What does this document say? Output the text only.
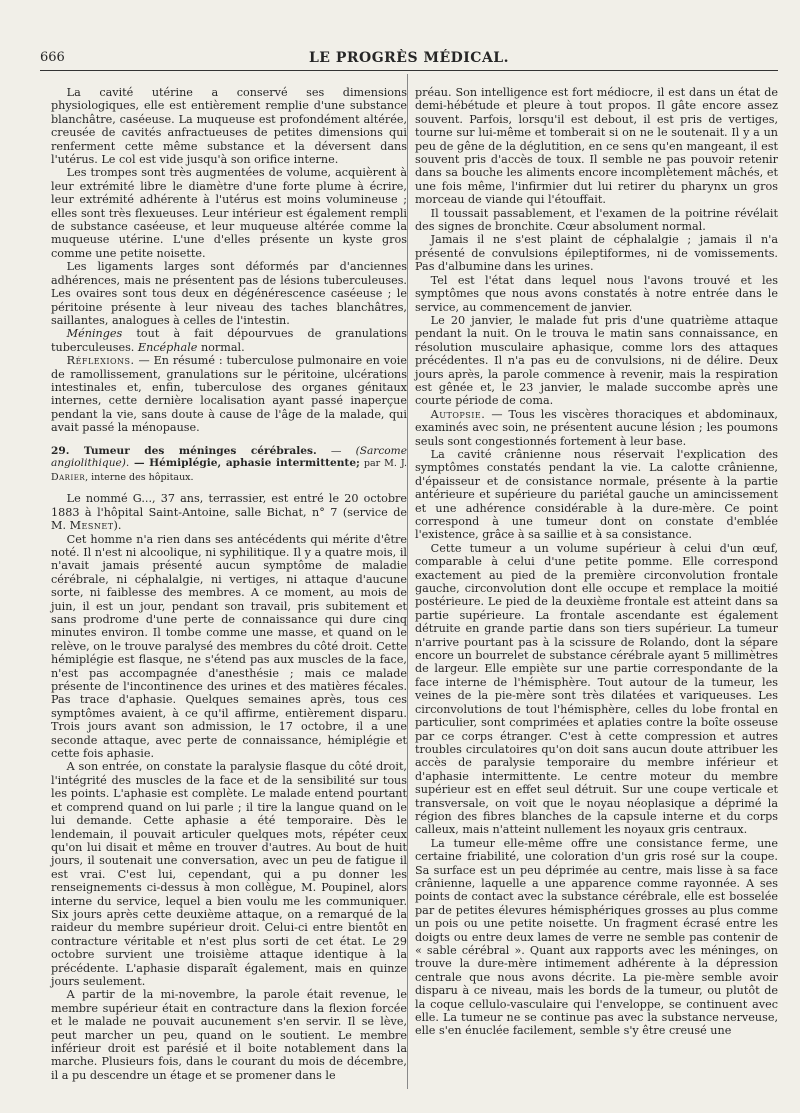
666	LE PROGRÈS MÉDICAL.

La cavité utérine a conservé ses dimensions physiologiques, elle est entièrement remplie d'une substance blanchâtre, caséeuse. La muqueuse est profondément altérée, creusée de cavités anfractueuses de petites dimensions qui renferment cette même substance et la déversent dans l'utérus. Le col est vide jusqu'à son orifice interne.

Les trompes sont très augmentées de volume, acquièrent à leur extrémité libre le diamètre d'une forte plume à écrire, leur extrémité adhérente à l'utérus est moins volumineuse ; elles sont très flexueuses. Leur intérieur est également rempli de substance caséeuse, et leur muqueuse altérée comme la muqueuse utérine. L'une d'elles présente un kyste gros comme une petite noisette.

Les ligaments larges sont déformés par d'anciennes adhérences, mais ne présentent pas de lésions tuberculeuses. Les ovaires sont tous deux en dégénérescence caséeuse ; le péritoine présente à leur niveau des taches blanchâtres, saillantes, analogues à celles de l'intestin.

Méninges tout à fait dépourvues de granulations tuberculeuses. Encéphale normal.

Réflexions. — En résumé : tuberculose pulmonaire en voie de ramollissement, granulations sur le péritoine, ulcérations intestinales et, enfin, tuberculose des organes génitaux internes, cette dernière localisation ayant passé inaperçue pendant la vie, sans doute à cause de l'âge de la malade, qui avait passé la ménopause.

29. Tumeur des méninges cérébrales. — (Sarcome angiolithique). — Hémiplégie, aphasie intermittente; par M. J. Darier, interne des hôpitaux.

Le nommé G..., 37 ans, terrassier, est entré le 20 octobre 1883 à l'hôpital Saint-Antoine, salle Bichat, n° 7 (service de M. Mesnet).

Cet homme n'a rien dans ses antécédents qui mérite d'être noté. Il n'est ni alcoolique, ni syphilitique. Il y a quatre mois, il n'avait jamais présenté aucun symptôme de maladie cérébrale, ni céphalalgie, ni vertiges, ni attaque d'aucune sorte, ni faiblesse des membres. A ce moment, au mois de juin, il est un jour, pendant son travail, pris subitement et sans prodrome d'une perte de connaissance qui dure cinq minutes environ. Il tombe comme une masse, et quand on le relève, on le trouve paralysé des membres du côté droit. Cette hémiplégie est flasque, ne s'étend pas aux muscles de la face, n'est pas accompagnée d'anesthésie ; mais ce malade présente de l'incontinence des urines et des matières fécales. Pas trace d'aphasie. Quelques semaines après, tous ces symptômes avaient, à ce qu'il affirme, entièrement disparu. Trois jours avant son admission, le 17 octobre, il a une seconde attaque, avec perte de connaissance, hémiplégie et cette fois aphasie.

A son entrée, on constate la paralysie flasque du côté droit, l'intégrité des muscles de la face et de la sensibilité sur tous les points. L'aphasie est complète. Le malade entend pourtant et comprend quand on lui parle ; il tire la langue quand on le lui demande. Cette aphasie a été temporaire. Dès le lendemain, il pouvait articuler quelques mots, répéter ceux qu'on lui disait et même en trouver d'autres. Au bout de huit jours, il soutenait une conversation, avec un peu de fatigue il est vrai. C'est lui, cependant, qui a pu donner les renseignements ci-dessus à mon collègue, M. Poupinel, alors interne du service, lequel a bien voulu me les communiquer. Six jours après cette deuxième attaque, on a remarqué de la raideur du membre supérieur droit. Celui-ci entre bientôt en contracture véritable et n'est plus sorti de cet état. Le 29 octobre survient une troisième attaque identique à la précédente. L'aphasie disparaît également, mais en quinze jours seulement.

A partir de la mi-novembre, la parole était revenue, le membre supérieur était en contracture dans la flexion forcée et le malade ne pouvait aucunement s'en servir. Il se lève, peut marcher un peu, quand on le soutient. Le membre inférieur droit est parésié et il boite notablement dans la marche. Plusieurs fois, dans le courant du mois de décembre, il a pu descendre un étage et se promener dans le

préau. Son intelligence est fort médiocre, il est dans un état de demi-hébétude et pleure à tout propos. Il gâte encore assez souvent. Parfois, lorsqu'il est debout, il est pris de vertiges, tourne sur lui-même et tomberait si on ne le soutenait. Il y a un peu de gêne de la déglutition, en ce sens qu'en mangeant, il est souvent pris d'accès de toux. Il semble ne pas pouvoir retenir dans sa bouche les aliments encore incomplètement mâchés, et une fois même, l'infirmier dut lui retirer du pharynx un gros morceau de viande qui l'étouffait.

Il toussait passablement, et l'examen de la poitrine révélait des signes de bronchite. Cœur absolument normal.

Jamais il ne s'est plaint de céphalalgie ; jamais il n'a présenté de convulsions épileptiformes, ni de vomissements. Pas d'albumine dans les urines.

Tel est l'état dans lequel nous l'avons trouvé et les symptômes que nous avons constatés à notre entrée dans le service, au commencement de janvier.

Le 20 janvier, le malade fut pris d'une quatrième attaque pendant la nuit. On le trouva le matin sans connaissance, en résolution musculaire aphasique, comme lors des attaques précédentes. Il n'a pas eu de convulsions, ni de délire. Deux jours après, la parole commence à revenir, mais la respiration est gênée et, le 23 janvier, le malade succombe après une courte période de coma.

Autopsie. — Tous les viscères thoraciques et abdominaux, examinés avec soin, ne présentent aucune lésion ; les poumons seuls sont congestionnés fortement à leur base.

La cavité crânienne nous réservait l'explication des symptômes constatés pendant la vie. La calotte crânienne, d'épaisseur et de consistance normale, présente à la partie antérieure et supérieure du pariétal gauche un amincissement et une adhérence considérable à la dure-mère. Ce point correspond à une tumeur dont on constate d'emblée l'existence, grâce à sa saillie et à sa consistance.

Cette tumeur a un volume supérieur à celui d'un œuf, comparable à celui d'une petite pomme. Elle correspond exactement au pied de la première circonvolution frontale gauche, circonvolution dont elle occupe et remplace la moitié postérieure. Le pied de la deuxième frontale est atteint dans sa partie supérieure. La frontale ascendante est également détruite en grande partie dans son tiers supérieur. La tumeur n'arrive pourtant pas à la scissure de Rolando, dont la sépare encore un bourrelet de substance cérébrale ayant 5 millimètres de largeur. Elle empiète sur une partie correspondante de la face interne de l'hémisphère. Tout autour de la tumeur, les veines de la pie-mère sont très dilatées et variqueuses. Les circonvolutions de tout l'hémisphère, celles du lobe frontal en particulier, sont comprimées et aplaties contre la boîte osseuse par ce corps étranger. C'est à cette compression et autres troubles circulatoires qu'on doit sans aucun doute attribuer les accès de paralysie temporaire du membre inférieur et d'aphasie intermittente. Le centre moteur du membre supérieur est en effet seul détruit. Sur une coupe verticale et transversale, on voit que le noyau néoplasique a déprimé la région des fibres blanches de la capsule interne et du corps calleux, mais n'atteint nullement les noyaux gris centraux.

La tumeur elle-même offre une consistance ferme, une certaine friabilité, une coloration d'un gris rosé sur la coupe. Sa surface est un peu déprimée au centre, mais lisse à sa face crânienne, laquelle a une apparence comme rayonnée. A ses points de contact avec la substance cérébrale, elle est bosselée par de petites élevures hémisphériques grosses au plus comme un pois ou une petite noisette. Un fragment écrasé entre les doigts ou entre deux lames de verre ne semble pas contenir de « sable cérébral ». Quant aux rapports avec les méninges, on trouve la dure-mère intimement adhérente à la dépression centrale que nous avons décrite. La pie-mère semble avoir disparu à ce niveau, mais les bords de la tumeur, ou plutôt de la coque cellulo-vasculaire qui l'enveloppe, se continuent avec elle. La tumeur ne se continue pas avec la substance nerveuse, elle s'en énuclée facilement, semble s'y être creusé une
